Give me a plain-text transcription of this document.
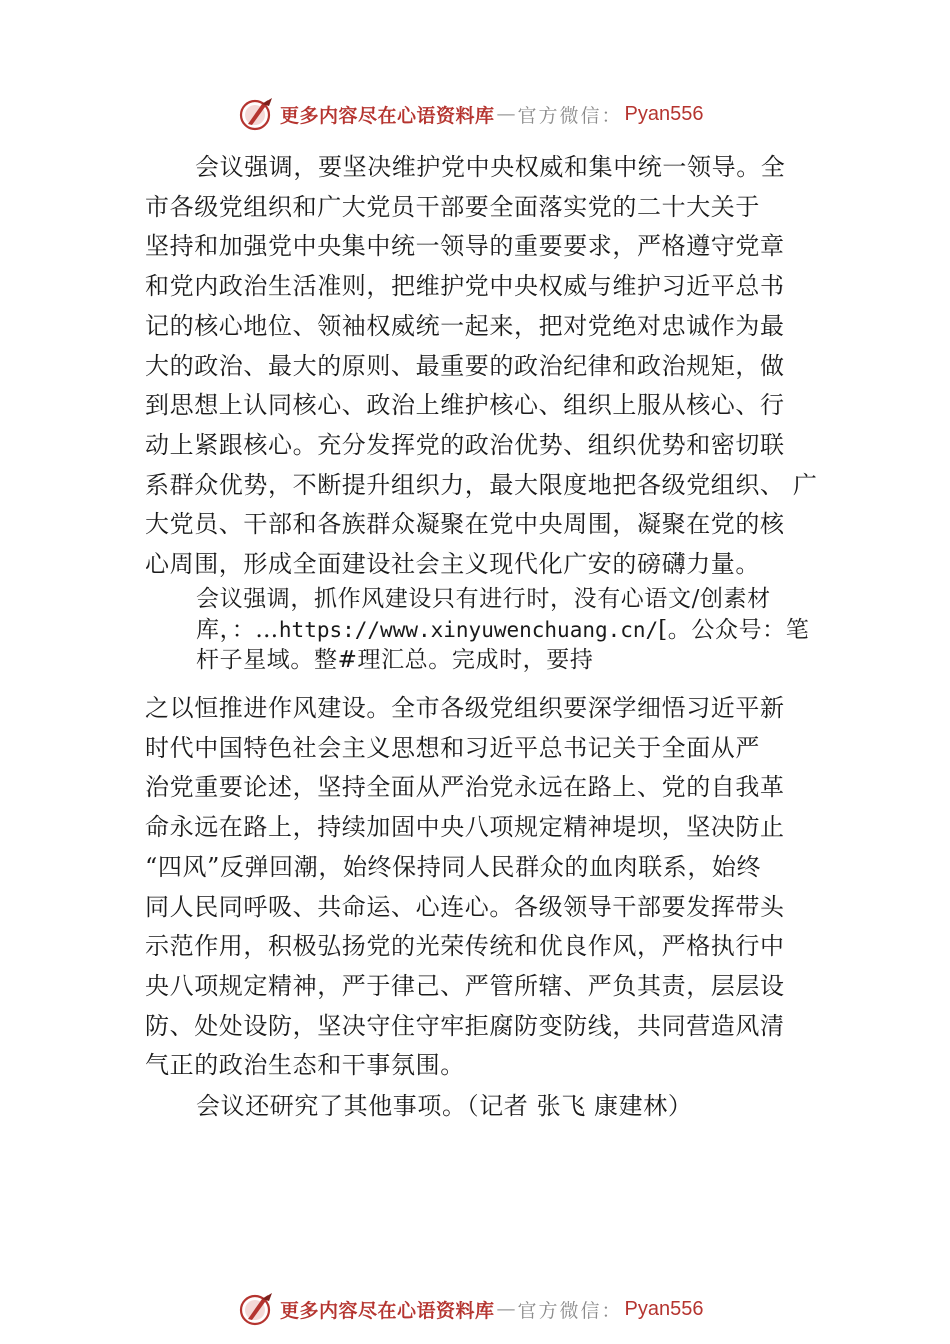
更多内容尽在心语资料库 — 官方微信： Pyan556
会议强调，要坚决维护党中央权威和集中统一领导。全
市各级党组织和广大党员干部要全面落实党的二十大关于
坚持和加强党中央集中统一领导的重要要求，严格遵守党章
和党内政治生活准则，把维护党中央权威与维护习近平总书
记的核心地位、领袖权威统一起来，把对党绝对忠诚作为最
大的政治、最大的原则、最重要的政治纪律和政治规矩，做
到思想上认同核心、政治上维护核心、组织上服从核心、行
动上紧跟核心。充分发挥党的政治优势、组织优势和密切联
系群众优势，不断提升组织力，最大限度地把各级党组织、 广
大党员、干部和各族群众凝聚在党中央周围，凝聚在党的核
心周围，形成全面建设社会主义现代化广安的磅礴力量。
会议强调，抓作风建设只有进行时，没有心语文/创素材
库，：…https://www.xinyuwenchuang.cn/[。公众号：笔
杆子星域。整#理汇总。完成时，要持
之以恒推进作风建设。全市各级党组织要深学细悟习近平新
时代中国特色社会主义思想和习近平总书记关于全面从严
治党重要论述，坚持全面从严治党永远在路上、党的自我革
命永远在路上，持续加固中央八项规定精神堤坝，坚决防止
“四风”反弹回潮，始终保持同人民群众的血肉联系，始终
同人民同呼吸、共命运、心连心。各级领导干部要发挥带头
示范作用，积极弘扬党的光荣传统和优良作风，严格执行中
央八项规定精神，严于律己、严管所辖、严负其责，层层设
防、处处设防，坚决守住守牢拒腐防变防线，共同营造风清
气正的政治生态和干事氛围。
会议还研究了其他事项。（记者 张飞 康建林）
更多内容尽在心语资料库 — 官方微信： Pyan556
